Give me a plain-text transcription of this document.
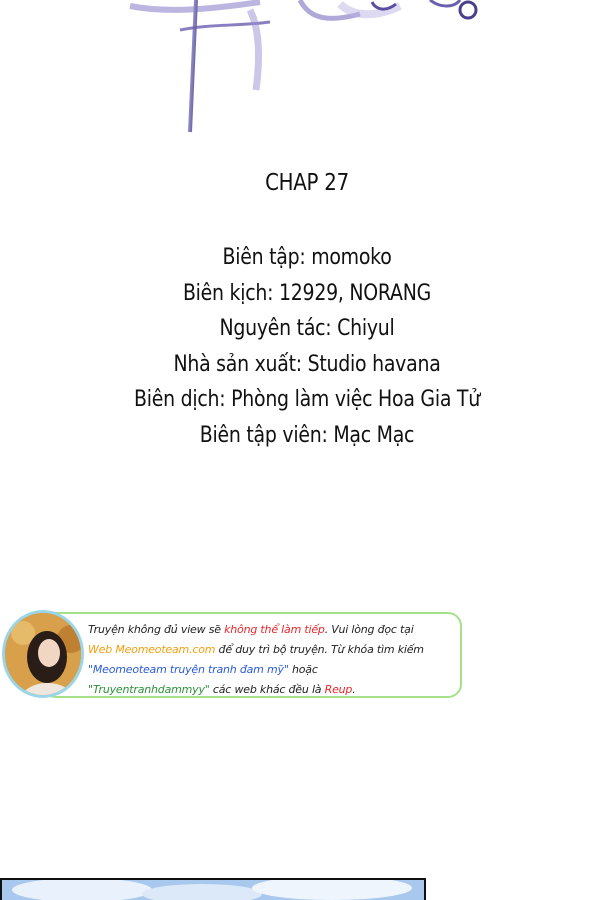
CHAP 27
Biên tập: momoko
Biên kịch: 12929, NORANG
Nguyên tác: Chiyul
Nhà sản xuất: Studio havana
Biên dịch: Phòng làm việc Hoa Gia Tử
Biên tập viên: Mạc Mạc
Truyện không đủ view sẽ không thể làm tiếp. Vui lòng đọc tại
Web Meomeoteam.com để duy trì bộ truyện. Từ khóa tìm kiếm
"Meomeoteam truyện tranh đam mỹ" hoặc
"Truyentranhdammyy" các web khác đều là Reup.
